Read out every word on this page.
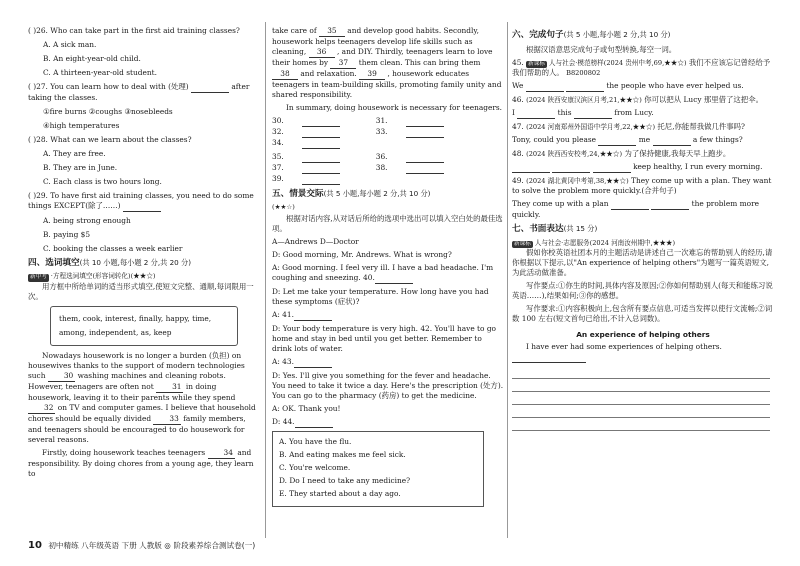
( )26. Who can take part in the first aid training classes?
A. A sick man.
B. An eight-year-old child.
C. A thirteen-year-old student.
( )27. You can learn how to deal with (处理)	after taking the classes.
①fire burns ②coughs ③nosebleeds
④high temperatures
( )28. What can we learn about the classes?
A. They are free.
B. They are in June.
C. Each class is two hours long.
( )29. To have first aid training classes, you need to do some things EXCEPT(除了……)
A. being strong enough
B. paying $5
C. booking the classes a week earlier
四、选词填空(共 10 小题,每小题 2 分,共 20 分)
新中考 ·方程选词填空(形容词转化)(★★☆)
用方框中所给单词的适当形式填空,使短文完整、通顺,每词限用一次。
them, cook, interest, finally, happy, time, among, independent, as, keep
Nowadays housework is no longer a burden (负担) on housewives thanks to the support of modern technologies such 30 washing machines and cleaning robots. However, teenagers are often not 31 in doing housework, leaving it to their parents while they spend 32 on TV and computer games. I believe that household chores should be equally divided 33 family members, and teenagers should be encouraged to do housework for several reasons.
Firstly, doing housework teaches teenagers 34 and responsibility. By doing chores from a young age, they learn to
take care of 35 and develop good habits. Secondly, housework helps teenagers develop life skills such as cleaning, 36 , and DIY. Thirdly, teenagers learn to love their homes by 37 them clean. This can bring them 38 and relaxation. 39 , housework educates teenagers in team-building skills, promoting family unity and shared responsibility.
In summary, doing housework is necessary for teenagers.
30.	31.
32.	33.
34.
35.	36.
37.	38.
39.
五、情景交际(共 5 小题,每小题 2 分,共 10 分)
(★★☆)
根据对话内容,从对话后所给的选项中选出可以填入空白处的最佳选项。
A—Andrews D—Doctor
D: Good morning, Mr. Andrews. What is wrong?
A: Good morning. I feel very ill. I have a bad headache. I'm coughing and sneezing. 40.
D: Let me take your temperature. How long have you had these symptoms (症状)?
A: 41.
D: Your body temperature is very high. 42. You'll have to go home and stay in bed until you get better. Remember to drink lots of water.
A: 43.
D: Yes. I'll give you something for the fever and headache. You need to take it twice a day. Here's the prescription (处方). You can go to the pharmacy (药房) to get the medicine.
A: OK. Thank you!
D: 44.
A. You have the flu.
B. And eating makes me feel sick.
C. You're welcome.
D. Do I need to take any medicine?
E. They started about a day ago.
六、完成句子(共 5 小题,每小题 2 分,共 10 分)
根据汉语意思完成句子或句型转换,每空一词。
45. 新课标 人与社会·模范榜样(2024 贵州中考,69,★★☆) 我们不应该忘记曾经给予我们帮助的人。 B8200802
We	the people who have ever helped us.
46. (2024 陕西安康汉滨区月考,21,★★☆) 你可以把从 Lucy 那里借了这把伞。
I	this	from Lucy.
47. (2024 河南郑州外国语中学月考,22,★★☆) 托尼,你能帮我做几件事吗?
Tony, could you please	me	a few things?
48. (2024 陕西西安校考,24,★★☆) 为了保持健康,我每天早上跑步。
keep healthy, I run every morning.
49. (2024 湖北黄冈中考第,38,★★☆) They come up with a plan. They want to solve the problem more quickly.(合并句子)
They come up with a plan	the problem more quickly.
七、书面表达(共 15 分)
新课标 人与社会·志愿服务(2024 河南汝州期中,★★★)
假如你校英语社团本月的主题活动是讲述自己一次难忘的帮助别人的经历,请你根据以下提示,以"An experience of helping others"为题写一篇英语短文,为此活动做准备。
写作要点:①你生的时间,具体内容及原因;②你如何帮助别人(每天和能练习说英语……),结果如何;③你的感想。
写作要求:①内容积极向上,包含所有要点信息,可适当发挥以使行文流畅;②词数 100 左右(短文首句已给出,不计入总词数)。
An experience of helping others
I have ever had some experiences of helping others.
10 初中精练 八年级英语 下册 人教版 ◎ 阶段素养综合测试卷(一)
